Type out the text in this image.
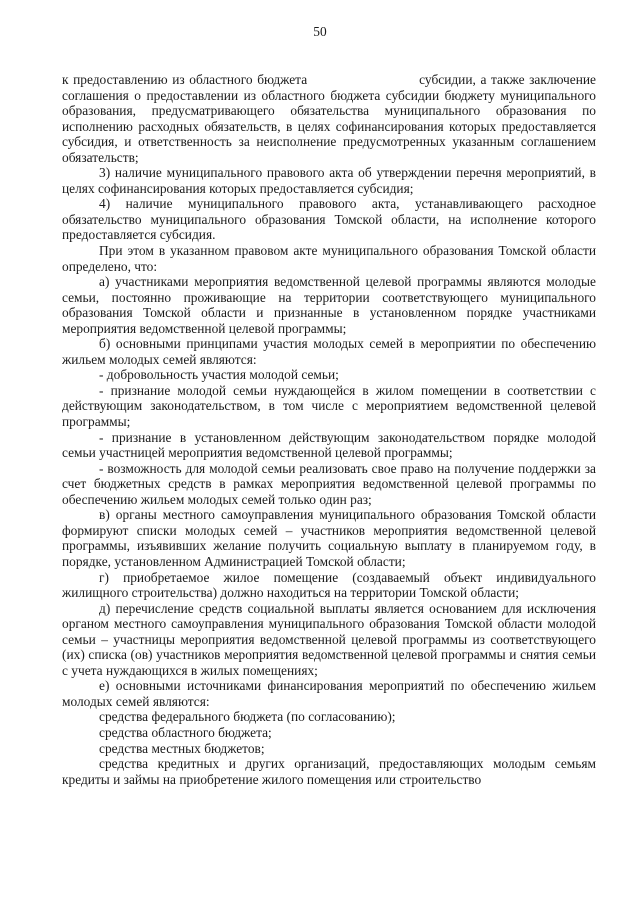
50

к предоставлению из областного бюджета	субсидии, а также заключение соглашения о предоставлении из областного бюджета субсидии бюджету муниципального образования, предусматривающего обязательства муниципального образования по исполнению расходных обязательств, в целях софинансирования которых предоставляется субсидия, и ответственность за неисполнение предусмотренных указанным соглашением обязательств;

3) наличие муниципального правового акта об утверждении перечня мероприятий, в целях софинансирования которых предоставляется субсидия;

4) наличие муниципального правового акта, устанавливающего расходное обязательство муниципального образования Томской области, на исполнение которого предоставляется субсидия.

При этом в указанном правовом акте муниципального образования Томской области определено, что:

а) участниками мероприятия ведомственной целевой программы являются молодые семьи, постоянно проживающие на территории соответствующего муниципального образования Томской области и признанные в установленном порядке участниками мероприятия ведомственной целевой программы;

б) основными принципами участия молодых семей в мероприятии по обеспечению жильем молодых семей являются:

- добровольность участия молодой семьи;

- признание молодой семьи нуждающейся в жилом помещении в соответствии с действующим законодательством, в том числе с мероприятием ведомственной целевой программы;

- признание в установленном действующим законодательством порядке молодой семьи участницей мероприятия ведомственной целевой программы;

- возможность для молодой семьи реализовать свое право на получение поддержки за счет бюджетных средств в рамках мероприятия ведомственной целевой программы по обеспечению жильем молодых семей только один раз;

в) органы местного самоуправления муниципального образования Томской области формируют списки молодых семей – участников мероприятия ведомственной целевой программы, изъявивших желание получить социальную выплату в планируемом году, в порядке, установленном Администрацией Томской области;

г) приобретаемое жилое помещение (создаваемый объект индивидуального жилищного строительства) должно находиться на территории Томской области;

д) перечисление средств социальной выплаты является основанием для исключения органом местного самоуправления муниципального образования Томской области молодой семьи – участницы мероприятия ведомственной целевой программы из соответствующего (их) списка (ов) участников мероприятия ведомственной целевой программы и снятия семьи с учета нуждающихся в жилых помещениях;

е) основными источниками финансирования мероприятий по обеспечению жильем молодых семей являются:

средства федерального бюджета (по согласованию);

средства областного бюджета;

средства местных бюджетов;

средства кредитных и других организаций, предоставляющих молодым семьям кредиты и займы на приобретение жилого помещения или строительство
